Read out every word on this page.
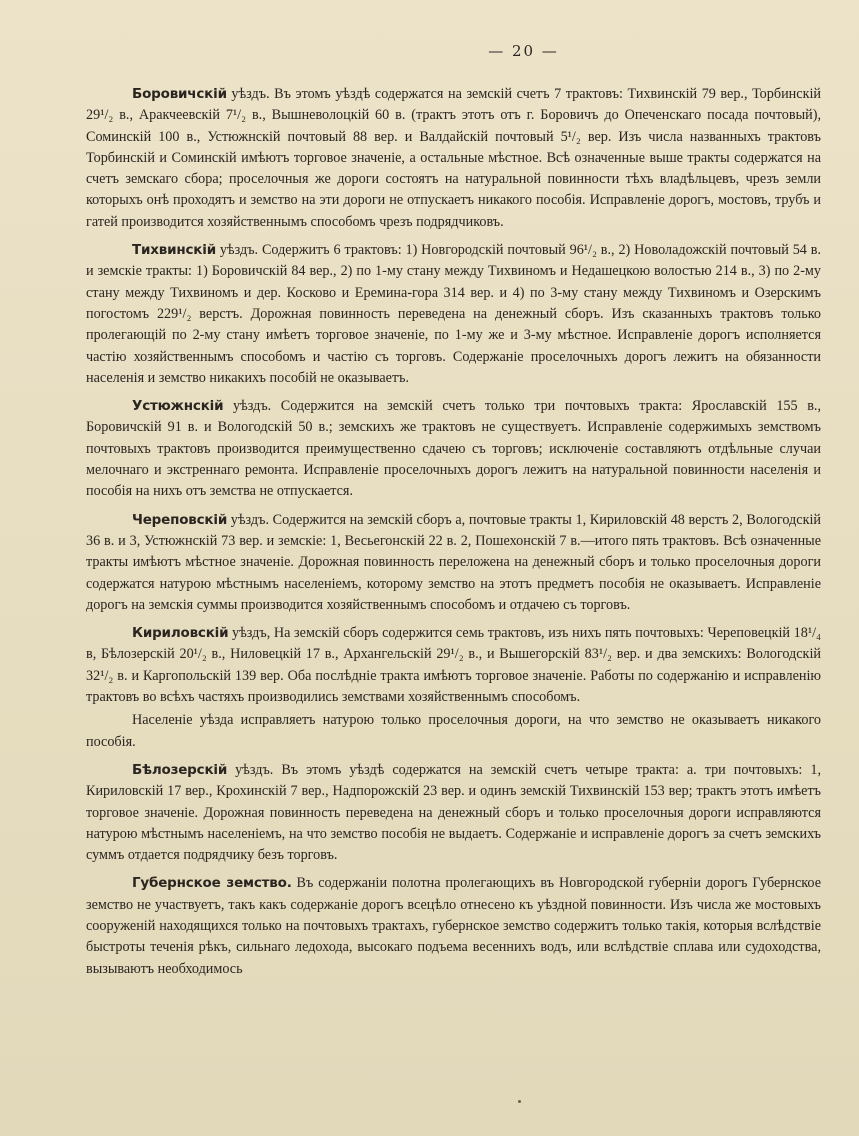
— 20 —

Боровичскій уѣздъ. Въ этомъ уѣздѣ содержатся на земскій счетъ 7 трактовъ: Тихвинскій 79 вер., Торбинскій 29¹/₂ в., Аракчеевскій 7¹/₂ в., Вышневолоцкій 60 в. (трактъ этотъ отъ г. Боровичъ до Опеченскаго посада почтовый), Соминскій 100 в., Устюжнскій почтовый 88 вер. и Валдайскій почтовый 5¹/₂ вер. Изъ числа названныхъ трактовъ Торбинскій и Соминскій имѣютъ торговое значеніе, а остальные мѣстное. Всѣ означенные выше тракты содержатся на счетъ земскаго сбора; проселочныя же дороги состоятъ на натуральной повинности тѣхъ владѣльцевъ, чрезъ земли которыхъ онѣ проходятъ и земство на эти дороги не отпускаетъ никакого пособія. Исправленіе дорогъ, мостовъ, трубъ и гатей производится хозяйственнымъ способомъ чрезъ подрядчиковъ.

Тихвинскій уѣздъ. Содержитъ 6 трактовъ: 1) Новгородскій почтовый 96¹/₂ в., 2) Новоладожскій почтовый 54 в. и земскіе тракты: 1) Боровичскій 84 вер., 2) по 1-му стану между Тихвиномъ и Недашецкою волостью 214 в., 3) по 2-му стану между Тихвиномъ и дер. Косково и Еремина-гора 314 вер. и 4) по 3-му стану между Тихвиномъ и Озерскимъ погостомъ 229¹/₂ верстъ. Дорожная повинность переведена на денежный сборъ. Изъ сказанныхъ трактовъ только пролегающій по 2-му стану имѣетъ торговое значеніе, по 1-му же и 3-му мѣстное. Исправленіе дорогъ исполняется частію хозяйственнымъ способомъ и частію съ торговъ. Содержаніе проселочныхъ дорогъ лежитъ на обязанности населенія и земство никакихъ пособій не оказываетъ.

Устюжнскій уѣздъ. Содержится на земскій счетъ только три почтовыхъ тракта: Ярославскій 155 в., Боровичскій 91 в. и Вологодскій 50 в.; земскихъ же трактовъ не существуетъ. Исправленіе содержимыхъ земствомъ почтовыхъ трактовъ производится преимущественно сдачею съ торговъ; исключеніе составляютъ отдѣльные случаи мелочнаго и экстреннаго ремонта. Исправленіе проселочныхъ дорогъ лежитъ на натуральной повинности населенія и пособія на нихъ отъ земства не отпускается.

Череповскій уѣздъ. Содержится на земскій сборъ а, почтовые тракты 1, Кириловскій 48 верстъ 2, Вологодскій 36 в. и 3, Устюжнскій 73 вер. и земскіе: 1, Весьегонскій 22 в. 2, Пошехонскій 7 в.—итого пять трактовъ. Всѣ означенные тракты имѣютъ мѣстное значеніе. Дорожная повинность переложена на денежный сборъ и только проселочныя дороги содержатся натурою мѣстнымъ населеніемъ, которому земство на этотъ предметъ пособія не оказываетъ. Исправленіе дорогъ на земскія суммы производится хозяйственнымъ способомъ и отдачею съ торговъ.

Кириловскій уѣздъ, На земскій сборъ содержится семь трактовъ, изъ нихъ пять почтовыхъ: Череповецкій 18¹/₄ в, Бѣлозерскій 20¹/₂ в., Ниловецкій 17 в., Архангельскій 29¹/₂ в., и Вышегорскій 83¹/₂ вер. и два земскихъ: Вологодскій 32¹/₂ в. и Каргопольскій 139 вер. Оба послѣдніе тракта имѣютъ торговое значеніе. Работы по содержанію и исправленію трактовъ во всѣхъ частяхъ производились земствами хозяйственнымъ способомъ.

Населеніе уѣзда исправляетъ натурою только проселочныя дороги, на что земство не оказываетъ никакого пособія.

Бѣлозерскій уѣздъ. Въ этомъ уѣздѣ содержатся на земскій счетъ четыре тракта: а. три почтовыхъ: 1, Кириловскій 17 вер., Крохинскій 7 вер., Надпорожскій 23 вер. и одинъ земскій Тихвинскій 153 вер; трактъ этотъ имѣетъ торговое значеніе. Дорожная повинность переведена на денежный сборъ и только проселочныя дороги исправляются натурою мѣстнымъ населеніемъ, на что земство пособія не выдаетъ. Содержаніе и исправленіе дорогъ за счетъ земскихъ суммъ отдается подрядчику безъ торговъ.

Губернское земство. Въ содержаніи полотна пролегающихъ въ Новгородской губерніи дорогъ Губернское земство не участвуетъ, такъ какъ содержаніе дорогъ всецѣло отнесено къ уѣздной повинности. Изъ числа же мостовыхъ сооруженій находящихся только на почтовыхъ трактахъ, губернское земство содержитъ только такія, которыя вслѣдствіе быстроты теченія рѣкъ, сильнаго ледохода, высокаго подъема весеннихъ водъ, или вслѣдствіе сплава или судоходства, вызываютъ необходимось
